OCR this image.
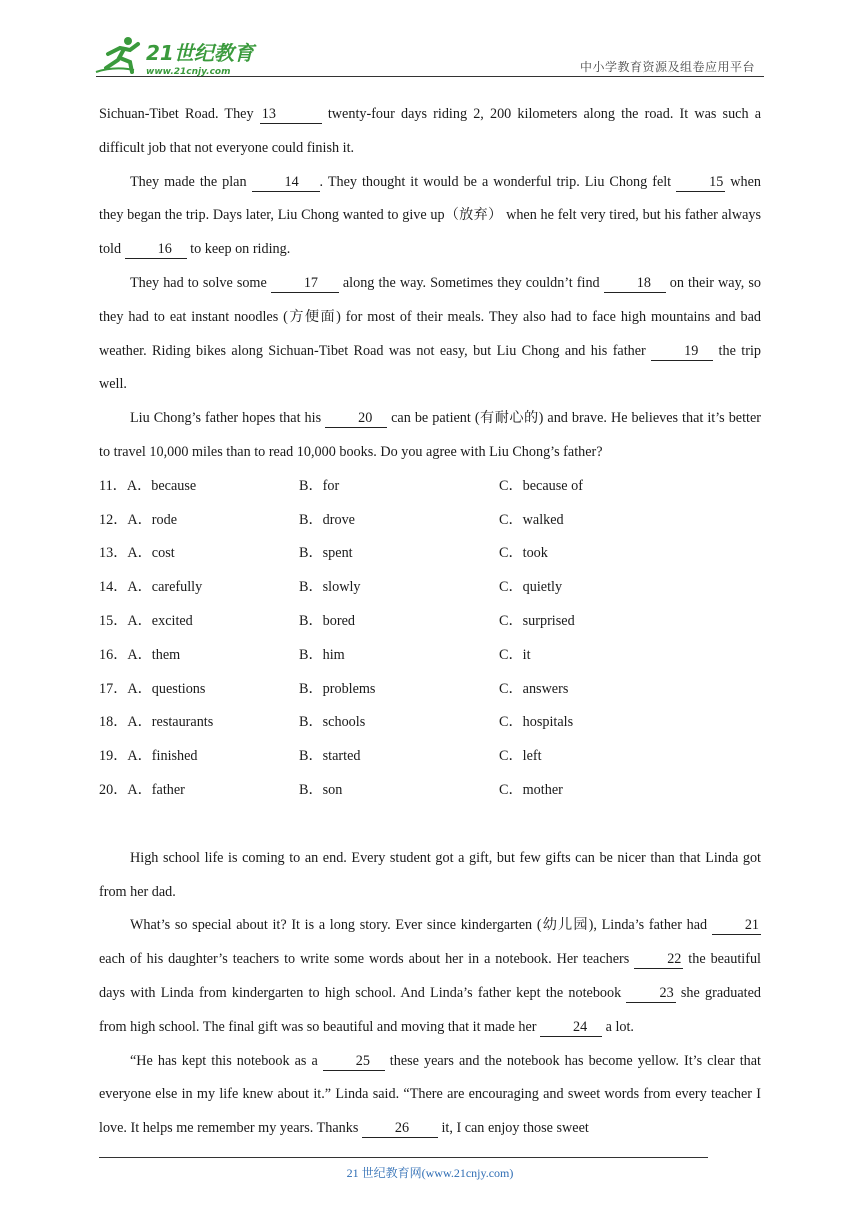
21世纪教育
www.21cnjy.com	中小学教育资源及组卷应用平台

Sichuan-Tibet Road. They 13	twenty-four days riding 2, 200 kilometers along the road. It was such a difficult job that not everyone could finish it.

They made the plan 14 . They thought it would be a wonderful trip. Liu Chong felt 15 when they began the trip. Days later, Liu Chong wanted to give up（放弃） when he felt very tired, but his father always told 16 to keep on riding.

They had to solve some 17 along the way. Sometimes they couldn’t find 18 on their way, so they had to eat instant noodles (方便面) for most of their meals. They also had to face high mountains and bad weather. Riding bikes along Sichuan-Tibet Road was not easy, but Liu Chong and his father 19 the trip well.

Liu Chong’s father hopes that his 20 can be patient (有耐心的) and brave. He believes that it’s better to travel 10,000 miles than to read 10,000 books. Do you agree with Liu Chong’s father?

11．A．because	B．for	C．because of
12．A．rode	B．drove	C．walked
13．A．cost	B．spent	C．took
14．A．carefully	B．slowly	C．quietly
15．A．excited	B．bored	C．surprised
16．A．them	B．him	C．it
17．A．questions	B．problems	C．answers
18．A．restaurants	B．schools	C．hospitals
19．A．finished	B．started	C．left
20．A．father	B．son	C．mother

High school life is coming to an end. Every student got a gift, but few gifts can be nicer than that Linda got from her dad.

What’s so special about it? It is a long story. Ever since kindergarten (幼儿园), Linda’s father had 21 each of his daughter’s teachers to write some words about her in a notebook. Her teachers 22 the beautiful days with Linda from kindergarten to high school. And Linda’s father kept the notebook 23 she graduated from high school. The final gift was so beautiful and moving that it made her 24 a lot.

“He has kept this notebook as a 25 these years and the notebook has become yellow. It’s clear that everyone else in my life knew about it.” Linda said. “There are encouraging and sweet words from every teacher I love. It helps me remember my years. Thanks 26 it, I can enjoy those sweet

21 世纪教育网(www.21cnjy.com)
